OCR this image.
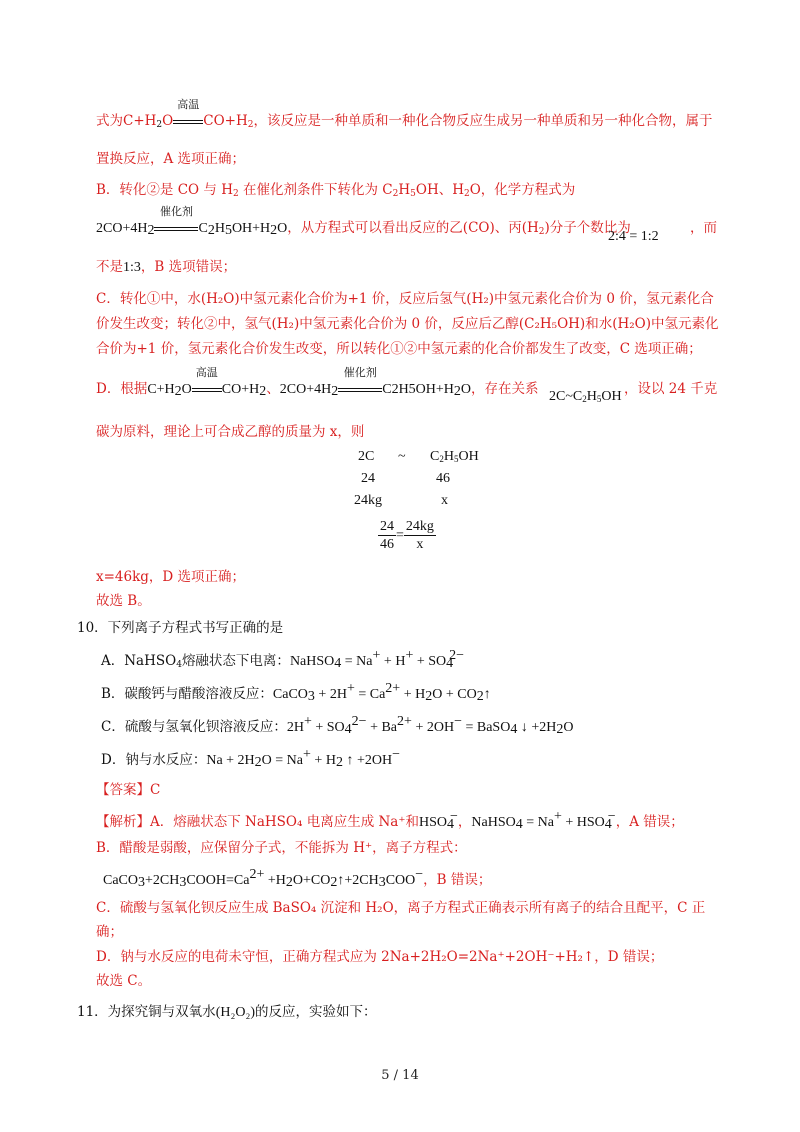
式为$C+H_2O$
高温
$CO+H_2$，该反应是一种单质和一种化合物反应生成另一种单质和另一种化合物，属于
置换反应，A 选项正确；
B．转化②是 CO 与 $H_2$ 在催化剂条件下转化为 $C_2H_5OH$、$H_2O$，化学方程式为
$2CO+4H_2$
催化剂
$C_2H_5OH+H_2O$，从方程式可以看出反应的乙(CO)、丙$(H_2)$分子个数比为
2:4 = 1:2
，而
不是1:3，B 选项错误；
C．转化①中，水(H₂O)中氢元素化合价为+1 价，反应后氢气(H₂)中氢元素化合价为 0 价，氢元素化合
价发生改变；转化②中，氢气(H₂)中氢元素化合价为 0 价，反应后乙醇(C₂H₅OH)和水(H₂O)中氢元素化
合价为+1 价，氢元素化合价发生改变，所以转化①②中氢元素的化合价都发生了改变，C 选项正确；
D．根据$C+H_2O$
高温
$CO+H_2$、$2CO+4H_2$
催化剂
$C2H5OH+H_2O$，存在关系 $2C\sim C_2H_5OH$ ，设以 24 千克
碳为原料，理论上可合成乙醇的质量为 x，则
2C ~ $C_2H_5OH$
24	46
24kg	x
$\frac{24}{46} = \frac{24kg}{x}$
x=46kg，D 选项正确；
故选 B。
10．下列离子方程式书写正确的是
A．NaHSO$_4$熔融状态下电离：NaHSO$_4$ = $Na^+ + H^+ + SO_4^{2-}$
B．碳酸钙与醋酸溶液反应：CaCO$_3$ + $2H^+ = Ca^{2+} + H_2O$ + $CO_2↑$
C．硫酸与氢氧化钡溶液反应：$2H^+ + SO_4^{2-} + Ba^{2+} + 2OH^-$ = BaSO$_4$ ↓ $+2H_2O$
D．钠与水反应：$Na + 2H_2O = Na^+ + H_2$ ↑ +2OH−
【答案】C
【解析】A．熔融状态下 NaHSO₄ 电离应生成 Na⁺和$HSO_4^-$，NaHSO$_4$ = $Na^+ + HSO_4^-$，A 错误；
B．醋酸是弱酸，应保留分子式，不能拆为 H⁺，离子方程式：
$CaCO_3+2CH_3COOH=Ca^{2+}$ $+H_2O+CO_2↑+2CH_3COO^-$，B 错误；
C．硫酸与氢氧化钡反应生成 BaSO₄ 沉淀和 H₂O，离子方程式正确表示所有离子的结合且配平，C 正
确；
D．钠与水反应的电荷未守恒，正确方程式应为 2Na+2H₂O=2Na⁺+2OH⁻+H₂↑，D 错误；
故选 C。
11．为探究铜与双氧水(H₂O₂)的反应，实验如下：
5 / 14
